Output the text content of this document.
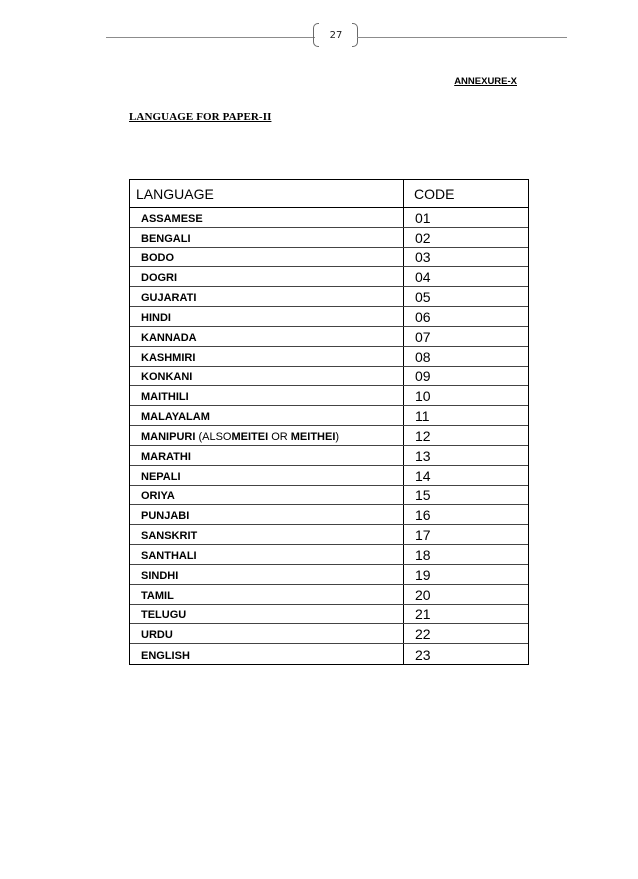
27
ANNEXURE-X
LANGUAGE FOR PAPER-II
LANGUAGE	CODE
ASSAMESE	01
BENGALI	02
BODO	03
DOGRI	04
GUJARATI	05
HINDI	06
KANNADA	07
KASHMIRI	08
KONKANI	09
MAITHILI	10
MALAYALAM	11
MANIPURI (ALSO MEITEI OR MEITHEI )	12
MARATHI	13
NEPALI	14
ORIYA	15
PUNJABI	16
SANSKRIT	17
SANTHALI	18
SINDHI	19
TAMIL	20
TELUGU	21
URDU	22
ENGLISH	23
